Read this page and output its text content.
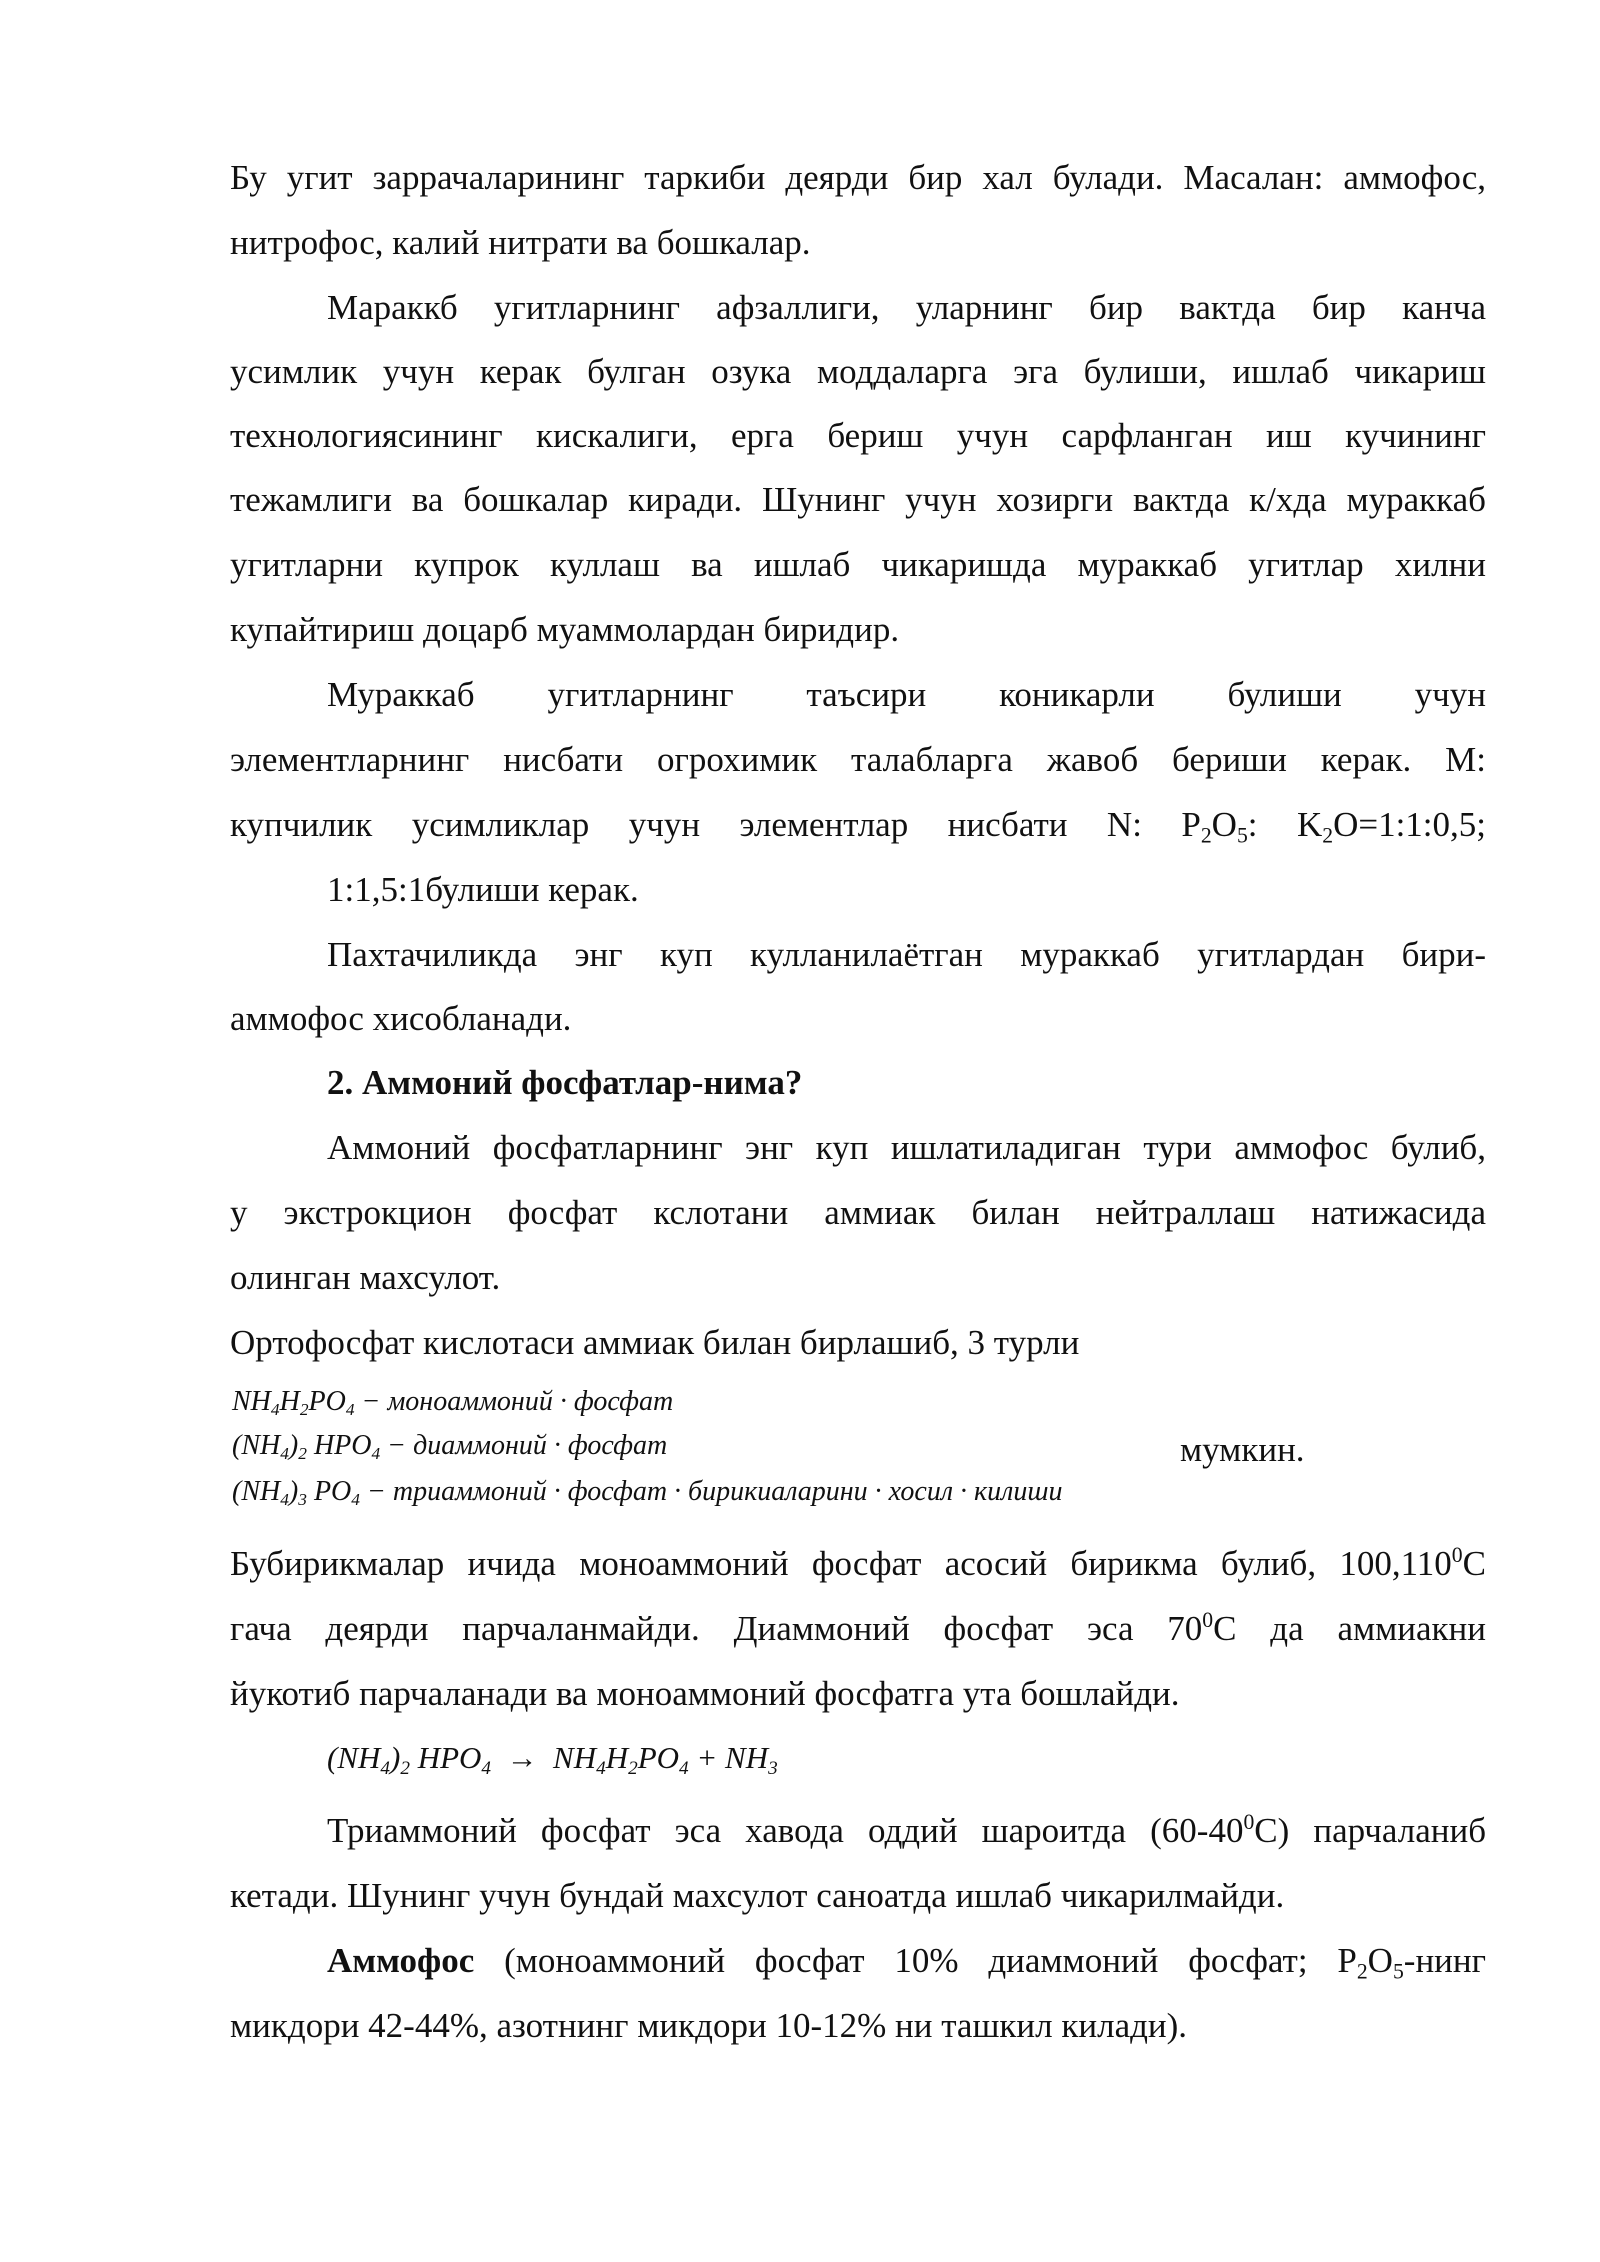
Бу угит заррачаларининг таркиби деярди бир хал булади. Масалан: аммофос,
нитрофос, калий нитрати ва бошкалар.
Мараккб угитларнинг афзаллиги, уларнинг бир вактда бир канча
усимлик учун керак булган озука моддаларга эга булиши, ишлаб чикариш
технологиясининг кискалиги, ерга бериш учун сарфланган иш кучининг
тежамлиги ва бошкалар киради. Шунинг учун хозирги вактда к/хда мураккаб
угитларни купрок куллаш ва ишлаб чикаришда мураккаб угитлар хилни
купайтириш доцарб муаммолардан биридир.
Мураккаб угитларнинг таъсири коникарли булиши учун
элементларнинг нисбати огрохимик талабларга жавоб бериши керак. М:
купчилик усимликлар учун элементлар нисбати N: $P_2O_5$: $K_2O=1:1:0,5$;
1:1,5:1булиши керак.
Пахтачиликда энг куп кулланилаётган мураккаб угитлардан бири-
аммофос хисобланади.
2. Аммоний фосфатлар-нима?
Аммоний фосфатларнинг энг куп ишлатиладиган тури аммофос булиб,
у экстрокцион фосфат кслотани аммиак билан нейтраллаш натижасида
олинган махсулот.
Ортофосфат кислотаси аммиак билан бирлашиб, 3 турли
$NH_4H_2PO_4$ − моноаммоний · фосфат
$(NH_4)_2$ $HPO_4$ − диаммоний · фосфат
$(NH_4)_3$ $PO_4$ − триаммоний · фосфат · бирикиаларини · хосил · килиши
мумкин.
Бубирикмалар ичида моноаммоний фосфат асосий бирикма булиб, 100,110$^0$С
гача деярди парчаланмайди. Диаммоний фосфат эса $70^0С$ да аммиакни
йукотиб парчаланади ва моноаммоний фосфатга ута бошлайди.
$(NH_4)_2$ $HPO_4 \to NH_4H_2PO_4 + NH_3$
Триаммоний фосфат эса хавода оддий шароитда $(60-40^0С)$ парчаланиб
кетади. Шунинг учун бундай махсулот саноатда ишлаб чикарилмайди.
Аммофос (моноаммоний фосфат 10% диаммоний фосфат; $P_2O_5$-нинг
микдори 42-44%, азотнинг микдори 10-12% ни ташкил килади).
